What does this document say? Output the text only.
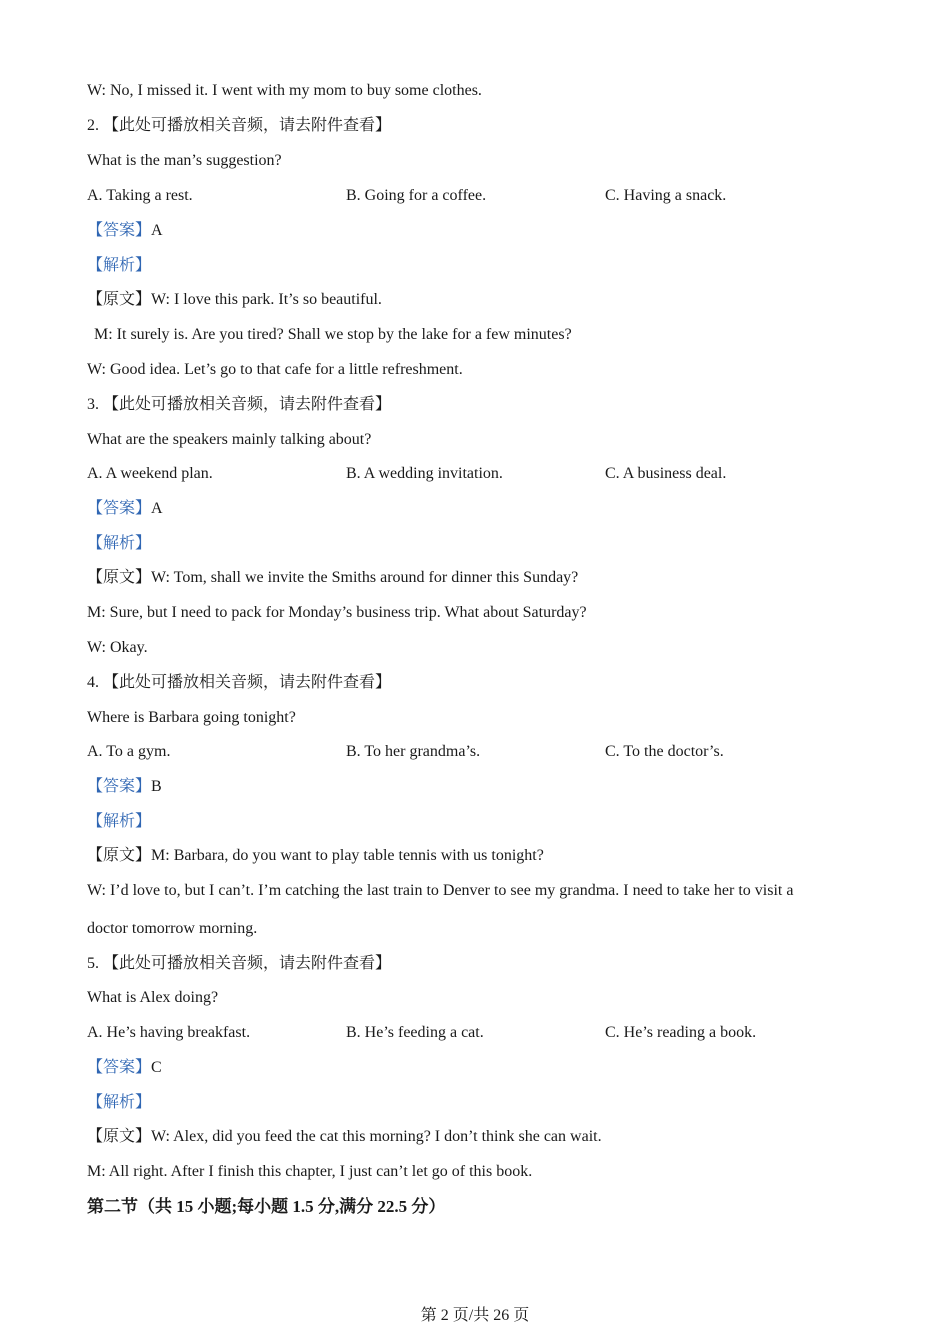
W: No, I missed it. I went with my mom to buy some clothes.
2. 【此处可播放相关音频，请去附件查看】
What is the man’s suggestion?
A. Taking a rest.	B. Going for a coffee.	C. Having a snack.
【答案】A
【解析】
【原文】W: I love this park. It’s so beautiful.
M: It surely is. Are you tired? Shall we stop by the lake for a few minutes?
W: Good idea. Let’s go to that cafe for a little refreshment.
3. 【此处可播放相关音频，请去附件查看】
What are the speakers mainly talking about?
A. A weekend plan.	B. A wedding invitation.	C. A business deal.
【答案】A
【解析】
【原文】W: Tom, shall we invite the Smiths around for dinner this Sunday?
M: Sure, but I need to pack for Monday’s business trip. What about Saturday?
W: Okay.
4. 【此处可播放相关音频，请去附件查看】
Where is Barbara going tonight?
A. To a gym.	B. To her grandma’s.	C. To the doctor’s.
【答案】B
【解析】
【原文】M: Barbara, do you want to play table tennis with us tonight?
W: I’d love to, but I can’t. I’m catching the last train to Denver to see my grandma. I need to take her to visit a
doctor tomorrow morning.
5. 【此处可播放相关音频，请去附件查看】
What is Alex doing?
A. He’s having breakfast.	B. He’s feeding a cat.	C. He’s reading a book.
【答案】C
【解析】
【原文】W: Alex, did you feed the cat this morning? I don’t think she can wait.
M: All right. After I finish this chapter, I just can’t let go of this book.
第二节（共 15 小题;每小题 1.5 分,满分 22.5 分）
第 2 页/共 26 页
